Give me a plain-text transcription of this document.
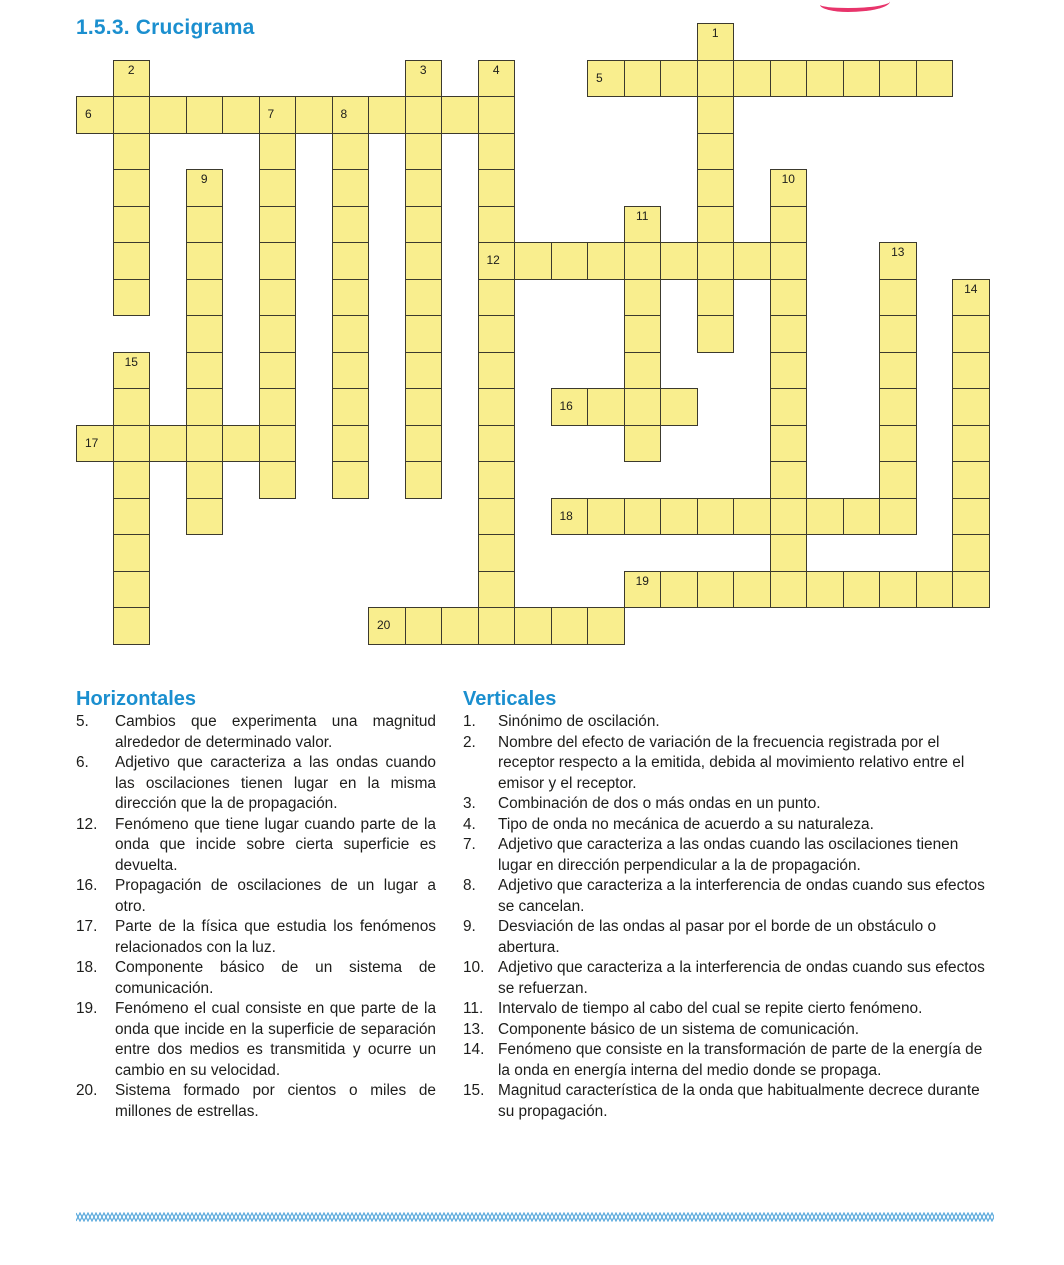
1.5.3. Crucigrama	1
2	3	4
12
5
6	7	8
9	10
11
13
14
15
16
17
18
19
20
Horizontales	Verticales
5. Cambios que experimenta una magnitud alrededor de determinado valor.
6. Adjetivo que caracteriza a las ondas cuando las oscilaciones tienen lugar en la misma dirección que la de propagación.
12. Fenómeno que tiene lugar cuando parte de la onda que incide sobre cierta superficie es devuelta.
16. Propagación de oscilaciones de un lugar a otro.
17. Parte de la física que estudia los fenómenos relacionados con la luz.
18. Componente básico de un sistema de comunicación.
19. Fenómeno el cual consiste en que parte de la onda que incide en la superficie de separación entre dos medios es transmitida y ocurre un cambio en su velocidad.
20. Sistema formado por cientos o miles de millones de estrellas.
1. Sinónimo de oscilación.
2. Nombre del efecto de variación de la frecuencia registrada por el receptor respecto a la emitida, debida al movimiento relativo entre el emisor y el receptor.
3. Combinación de dos o más ondas en un punto.
4. Tipo de onda no mecánica de acuerdo a su naturaleza.
7. Adjetivo que caracteriza a las ondas cuando las oscilaciones tienen lugar en dirección perpendicular a la de propagación.
8. Adjetivo que caracteriza a la interferencia de ondas cuando sus efectos se cancelan.
9. Desviación de las ondas al pasar por el borde de un obstáculo o abertura.
10. Adjetivo que caracteriza a la interferencia de ondas cuando sus efectos se refuerzan.
11. Intervalo de tiempo al cabo del cual se repite cierto fenómeno.
13. Componente básico de un sistema de comunicación.
14. Fenómeno que consiste en la transformación de parte de la energía de la onda en energía interna del medio donde se propaga.
15. Magnitud característica de la onda que habitualmente decrece durante su propagación.
